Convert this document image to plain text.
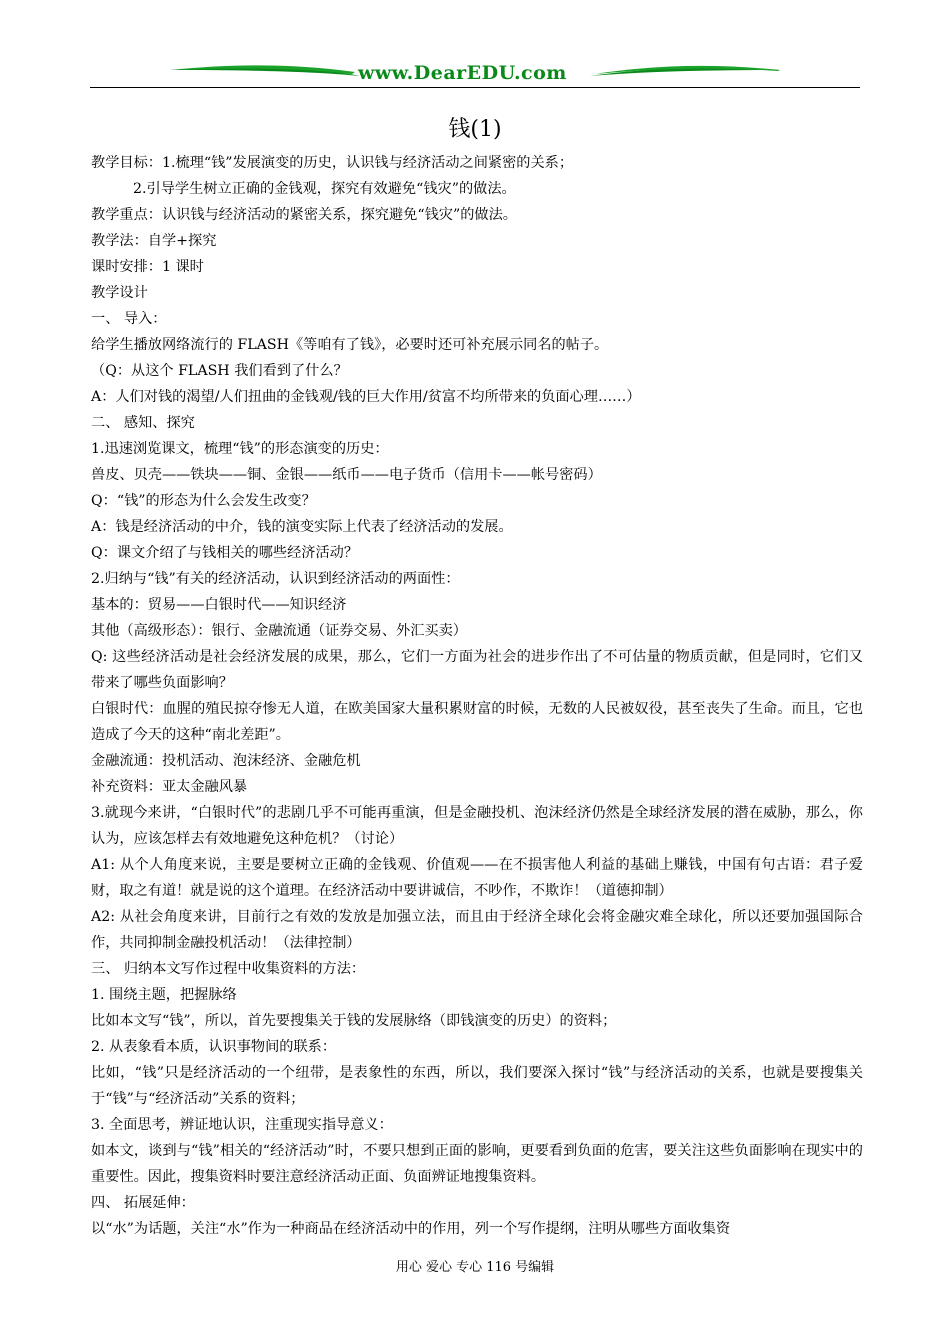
www.DearEDU.com
钱(1)

教学目标：1.梳理“钱”发展演变的历史，认识钱与经济活动之间紧密的关系；

2.引导学生树立正确的金钱观，探究有效避免“钱灾”的做法。

教学重点：认识钱与经济活动的紧密关系，探究避免“钱灾”的做法。

教学法：自学+探究

课时安排：1 课时

教学设计

一、 导入：

给学生播放网络流行的 FLASH《等咱有了钱》，必要时还可补充展示同名的帖子。

（Q：从这个 FLASH 我们看到了什么？

A：人们对钱的渴望/人们扭曲的金钱观/钱的巨大作用/贫富不均所带来的负面心理……）

二、 感知、探究

1.迅速浏览课文，梳理“钱”的形态演变的历史：

兽皮、贝壳——铁块——铜、金银——纸币——电子货币（信用卡——帐号密码）

Q：“钱”的形态为什么会发生改变？

A：钱是经济活动的中介，钱的演变实际上代表了经济活动的发展。

Q：课文介绍了与钱相关的哪些经济活动？

2.归纳与“钱”有关的经济活动，认识到经济活动的两面性：

基本的：贸易——白银时代——知识经济

其他（高级形态）：银行、金融流通（证券交易、外汇买卖）

Q: 这些经济活动是社会经济发展的成果，那么，它们一方面为社会的进步作出了不可估量的物质贡献，但是同时，它们又带来了哪些负面影响？

白银时代：血腥的殖民掠夺惨无人道，在欧美国家大量积累财富的时候，无数的人民被奴役，甚至丧失了生命。而且，它也造成了今天的这种“南北差距”。

金融流通：投机活动、泡沫经济、金融危机

补充资料：亚太金融风暴

3.就现今来讲，“白银时代”的悲剧几乎不可能再重演，但是金融投机、泡沫经济仍然是全球经济发展的潜在威胁，那么，你认为，应该怎样去有效地避免这种危机？（讨论）

A1: 从个人角度来说，主要是要树立正确的金钱观、价值观——在不损害他人利益的基础上赚钱，中国有句古语：君子爱财，取之有道！就是说的这个道理。在经济活动中要讲诚信，不吵作，不欺诈！（道德抑制）

A2: 从社会角度来讲，目前行之有效的发放是加强立法，而且由于经济全球化会将金融灾难全球化，所以还要加强国际合作，共同抑制金融投机活动！（法律控制）

三、 归纳本文写作过程中收集资料的方法：

1. 围绕主题，把握脉络

比如本文写“钱”，所以，首先要搜集关于钱的发展脉络（即钱演变的历史）的资料；

2. 从表象看本质，认识事物间的联系：

比如，“钱”只是经济活动的一个纽带，是表象性的东西，所以，我们要深入探讨“钱”与经济活动的关系，也就是要搜集关于“钱”与“经济活动”关系的资料；

3. 全面思考，辨证地认识，注重现实指导意义：

如本文，谈到与“钱”相关的“经济活动”时，不要只想到正面的影响，更要看到负面的危害，要关注这些负面影响在现实中的重要性。因此，搜集资料时要注意经济活动正面、负面辨证地搜集资料。

四、 拓展延伸：

以“水”为话题，关注“水”作为一种商品在经济活动中的作用，列一个写作提纲，注明从哪些方面收集资

用心 爱心 专心 116 号编辑
